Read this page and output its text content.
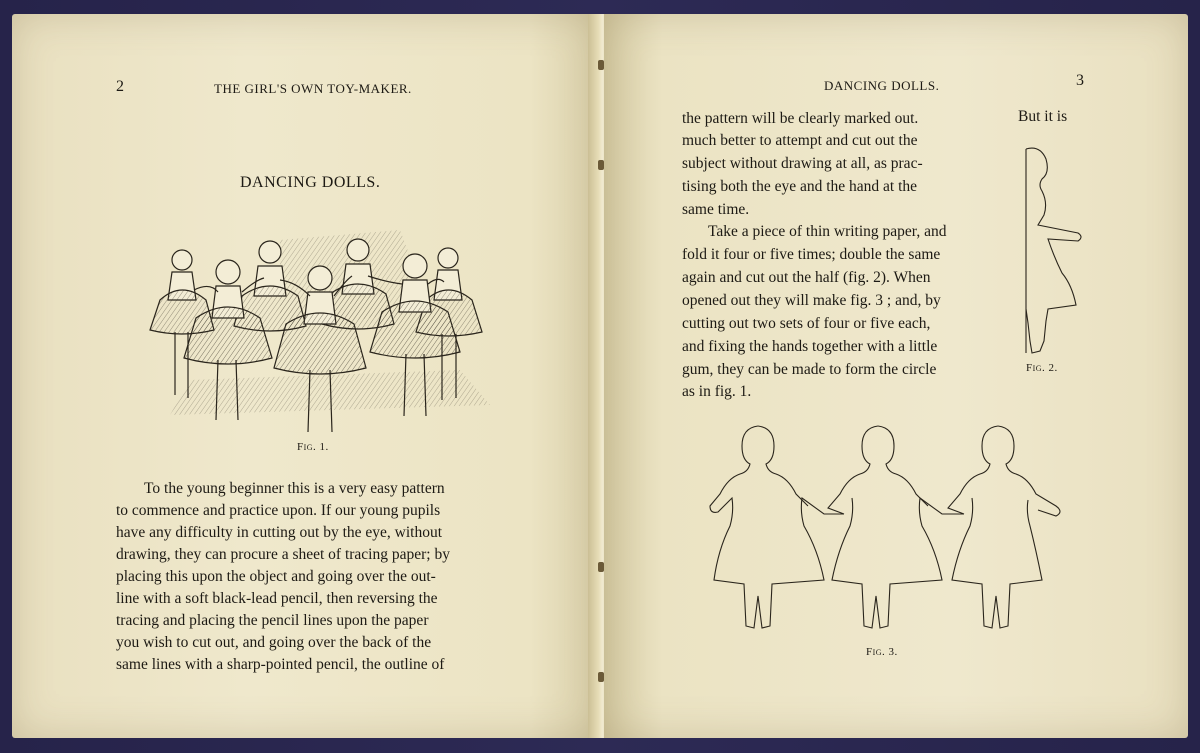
2	THE GIRL'S OWN TOY-MAKER.
DANCING DOLLS.
Fig. 1.
To the young beginner this is a very easy pattern
to commence and practice upon. If our young pupils
have any difficulty in cutting out by the eye, without
drawing, they can procure a sheet of tracing paper; by
placing this upon the object and going over the out-
line with a soft black-lead pencil, then reversing the
tracing and placing the pencil lines upon the paper
you wish to cut out, and going over the back of the
same lines with a sharp-pointed pencil, the outline of
DANCING DOLLS.	3
the pattern will be clearly marked out.	But it is
much better to attempt and cut out the
subject without drawing at all, as prac-
tising both the eye and the hand at the
same time.
Take a piece of thin writing paper, and
fold it four or five times; double the same
again and cut out the half (fig. 2). When
opened out they will make fig. 3 ; and, by
cutting out two sets of four or five each,
and fixing the hands together with a little
gum, they can be made to form the circle
as in fig. 1.
Fig. 2.
Fig. 3.
